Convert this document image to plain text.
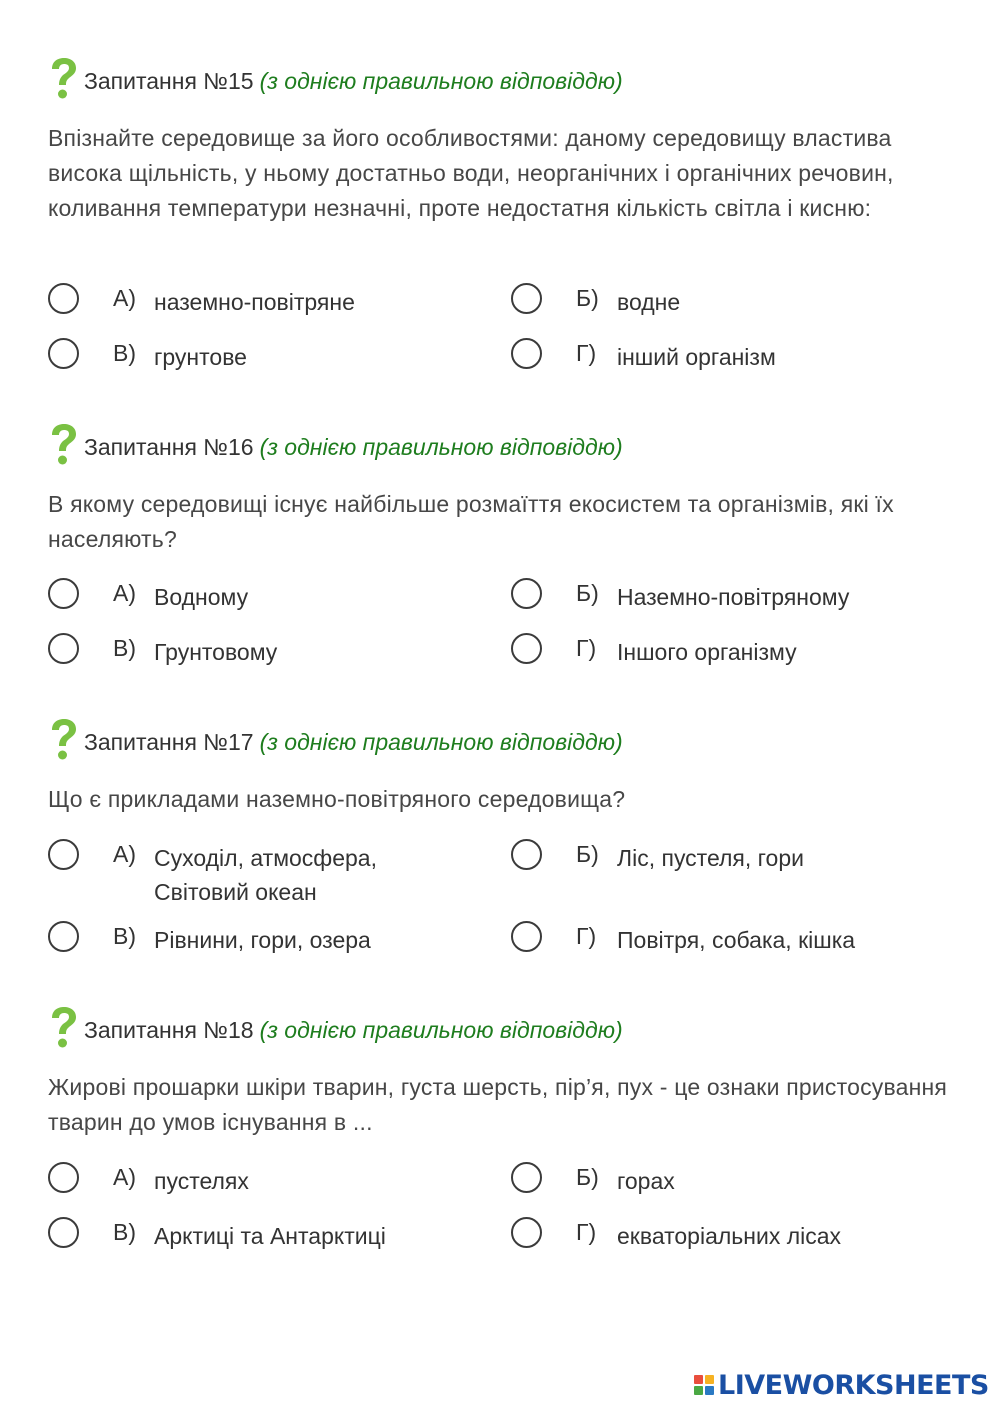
Запитання №15 (з однією правильною відповіддю)
Впізнайте середовище за його особливостями: даному середовищу властива висока щільність, у ньому достатньо води, неорганічних і органічних речовин, коливання температури незначні, проте недостатня кількість світла і кисню:
А) наземно-повітряне	Б) водне
В) грунтове	Г) інший організм
Запитання №16 (з однією правильною відповіддю)
В якому середовищі існує найбільше розмаїття екосистем та організмів, які їх населяють?
А) Водному	Б) Наземно-повітряному
В) Грунтовому	Г) Іншого організму
Запитання №17 (з однією правильною відповіддю)
Що є прикладами наземно-повітряного середовища?
А) Суходіл, атмосфера,
Світовий океан
Б) Ліс, пустеля, гори
В) Рівнини, гори, озера	Г) Повітря, собака, кішка
Запитання №18 (з однією правильною відповіддю)
Жирові прошарки шкіри тварин, густа шерсть, пір’я, пух - це ознаки пристосування тварин до умов існування в ...
А) пустелях	Б) горах
В) Арктиці та Антарктиці	Г) екваторіальних лісах
LIVEWORKSHEETS
